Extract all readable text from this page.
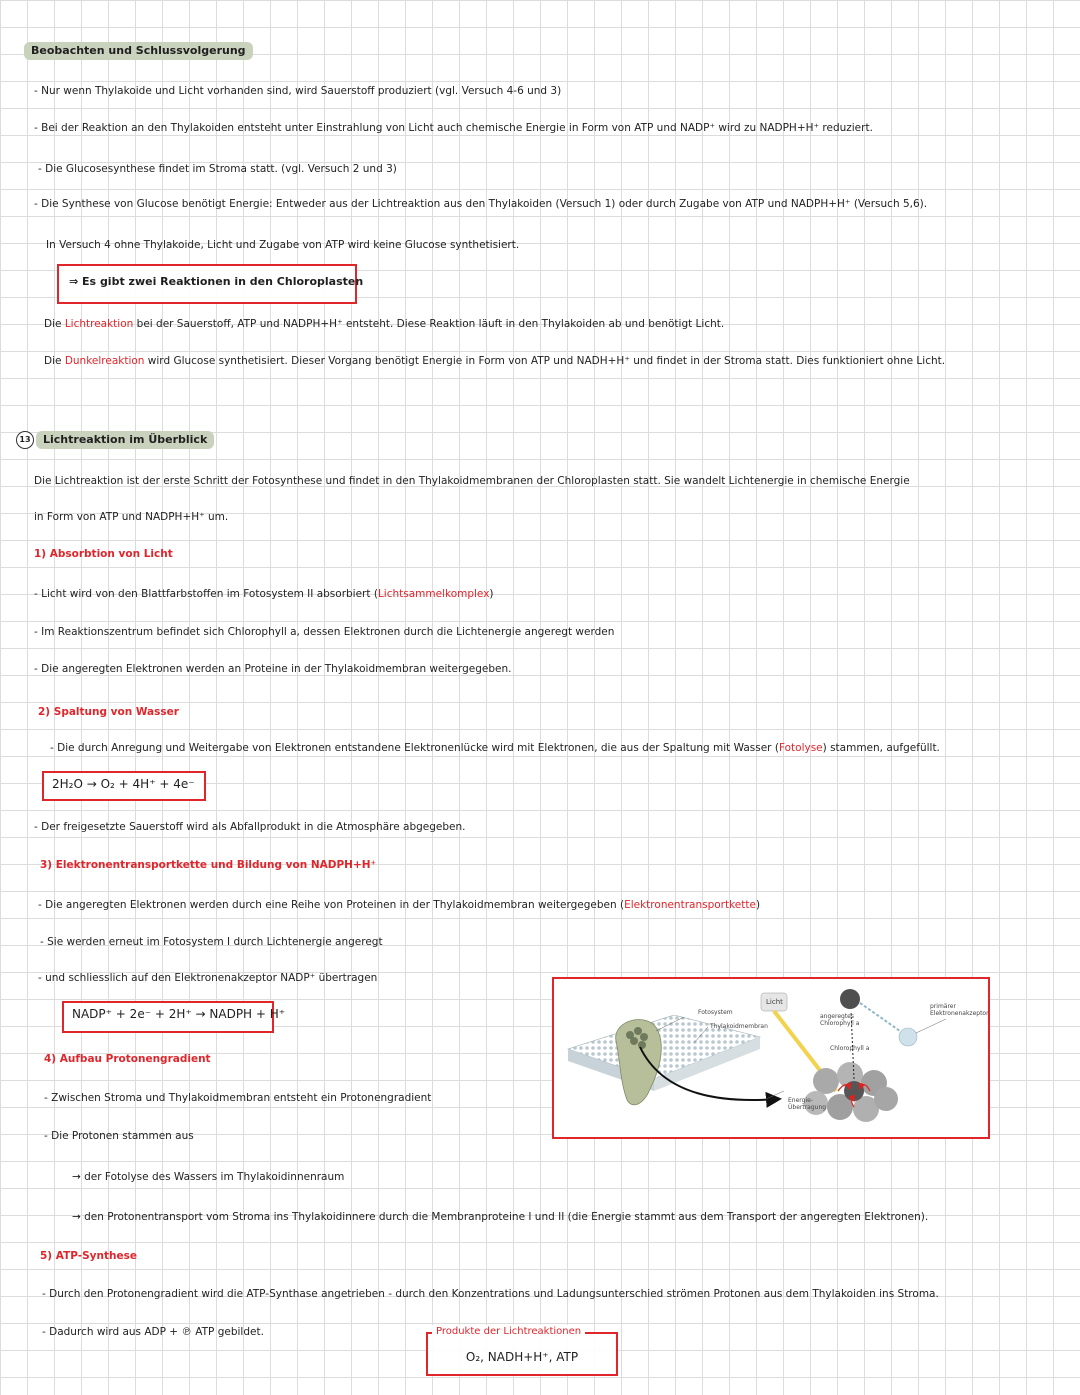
Beobachten und Schlussvolgerung
- Nur wenn Thylakoide und Licht vorhanden sind, wird Sauerstoff produziert (vgl. Versuch 4-6 und 3)
- Bei der Reaktion an den Thylakoiden entsteht unter Einstrahlung von Licht auch chemische Energie in Form von ATP und NADP⁺ wird zu NADPH+H⁺ reduziert.
- Die Glucosesynthese findet im Stroma statt. (vgl. Versuch 2 und 3)
- Die Synthese von Glucose benötigt Energie: Entweder aus der Lichtreaktion aus den Thylakoiden (Versuch 1) oder durch Zugabe von ATP und NADPH+H⁺ (Versuch 5,6).
In Versuch 4 ohne Thylakoide, Licht und Zugabe von ATP wird keine Glucose synthetisiert.
⇒ Es gibt zwei Reaktionen in den Chloroplasten
Die Lichtreaktion bei der Sauerstoff, ATP und NADPH+H⁺ entsteht. Diese Reaktion läuft in den Thylakoiden ab und benötigt Licht.
Die Dunkelreaktion wird Glucose synthetisiert. Dieser Vorgang benötigt Energie in Form von ATP und NADH+H⁺ und findet in der Stroma statt. Dies funktioniert ohne Licht.
13	Lichtreaktion im Überblick
Die Lichtreaktion ist der erste Schritt der Fotosynthese und findet in den Thylakoidmembranen der Chloroplasten statt. Sie wandelt Lichtenergie in chemische Energie
in Form von ATP und NADPH+H⁺ um.
1) Absorbtion von Licht
- Licht wird von den Blattfarbstoffen im Fotosystem II absorbiert (Lichtsammelkomplex)
- Im Reaktionszentrum befindet sich Chlorophyll a, dessen Elektronen durch die Lichtenergie angeregt werden
- Die angeregten Elektronen werden an Proteine in der Thylakoidmembran weitergegeben.
2) Spaltung von Wasser
- Die durch Anregung und Weitergabe von Elektronen entstandene Elektronenlücke wird mit Elektronen, die aus der Spaltung mit Wasser (Fotolyse) stammen, aufgefüllt.
2H₂O → O₂ + 4H⁺ + 4e⁻
- Der freigesetzte Sauerstoff wird als Abfallprodukt in die Atmosphäre abgegeben.
3) Elektronentransportkette und Bildung von NADPH+H⁺
- Die angeregten Elektronen werden durch eine Reihe von Proteinen in der Thylakoidmembran weitergegeben (Elektronentransportkette)
- Sie werden erneut im Fotosystem I durch Lichtenergie angeregt
- und schliesslich auf den Elektronenakzeptor NADP⁺ übertragen
NADP⁺ + 2e⁻ + 2H⁺ → NADPH + H⁺
4) Aufbau Protonengradient
- Zwischen Stroma und Thylakoidmembran entsteht ein Protonengradient
- Die Protonen stammen aus
→ der Fotolyse des Wassers im Thylakoidinnenraum
→ den Protonentransport vom Stroma ins Thylakoidinnere durch die Membranproteine I und II (die Energie stammt aus dem Transport der angeregten Elektronen).
5) ATP-Synthese
- Durch den Protonengradient wird die ATP-Synthase angetrieben - durch den Konzentrations und Ladungsunterschied strömen Protonen aus dem Thylakoiden ins Stroma.
- Dadurch wird aus ADP + ℗ ATP gebildet.	Produkte der Lichtreaktionen
O₂, NADH+H⁺, ATP
Fotosystem
Thylakoidmembran
Licht
angeregtes Chlorophyll a
Chlorophyll a
primärer Elektronenakzeptor
Energie-Übertragung
